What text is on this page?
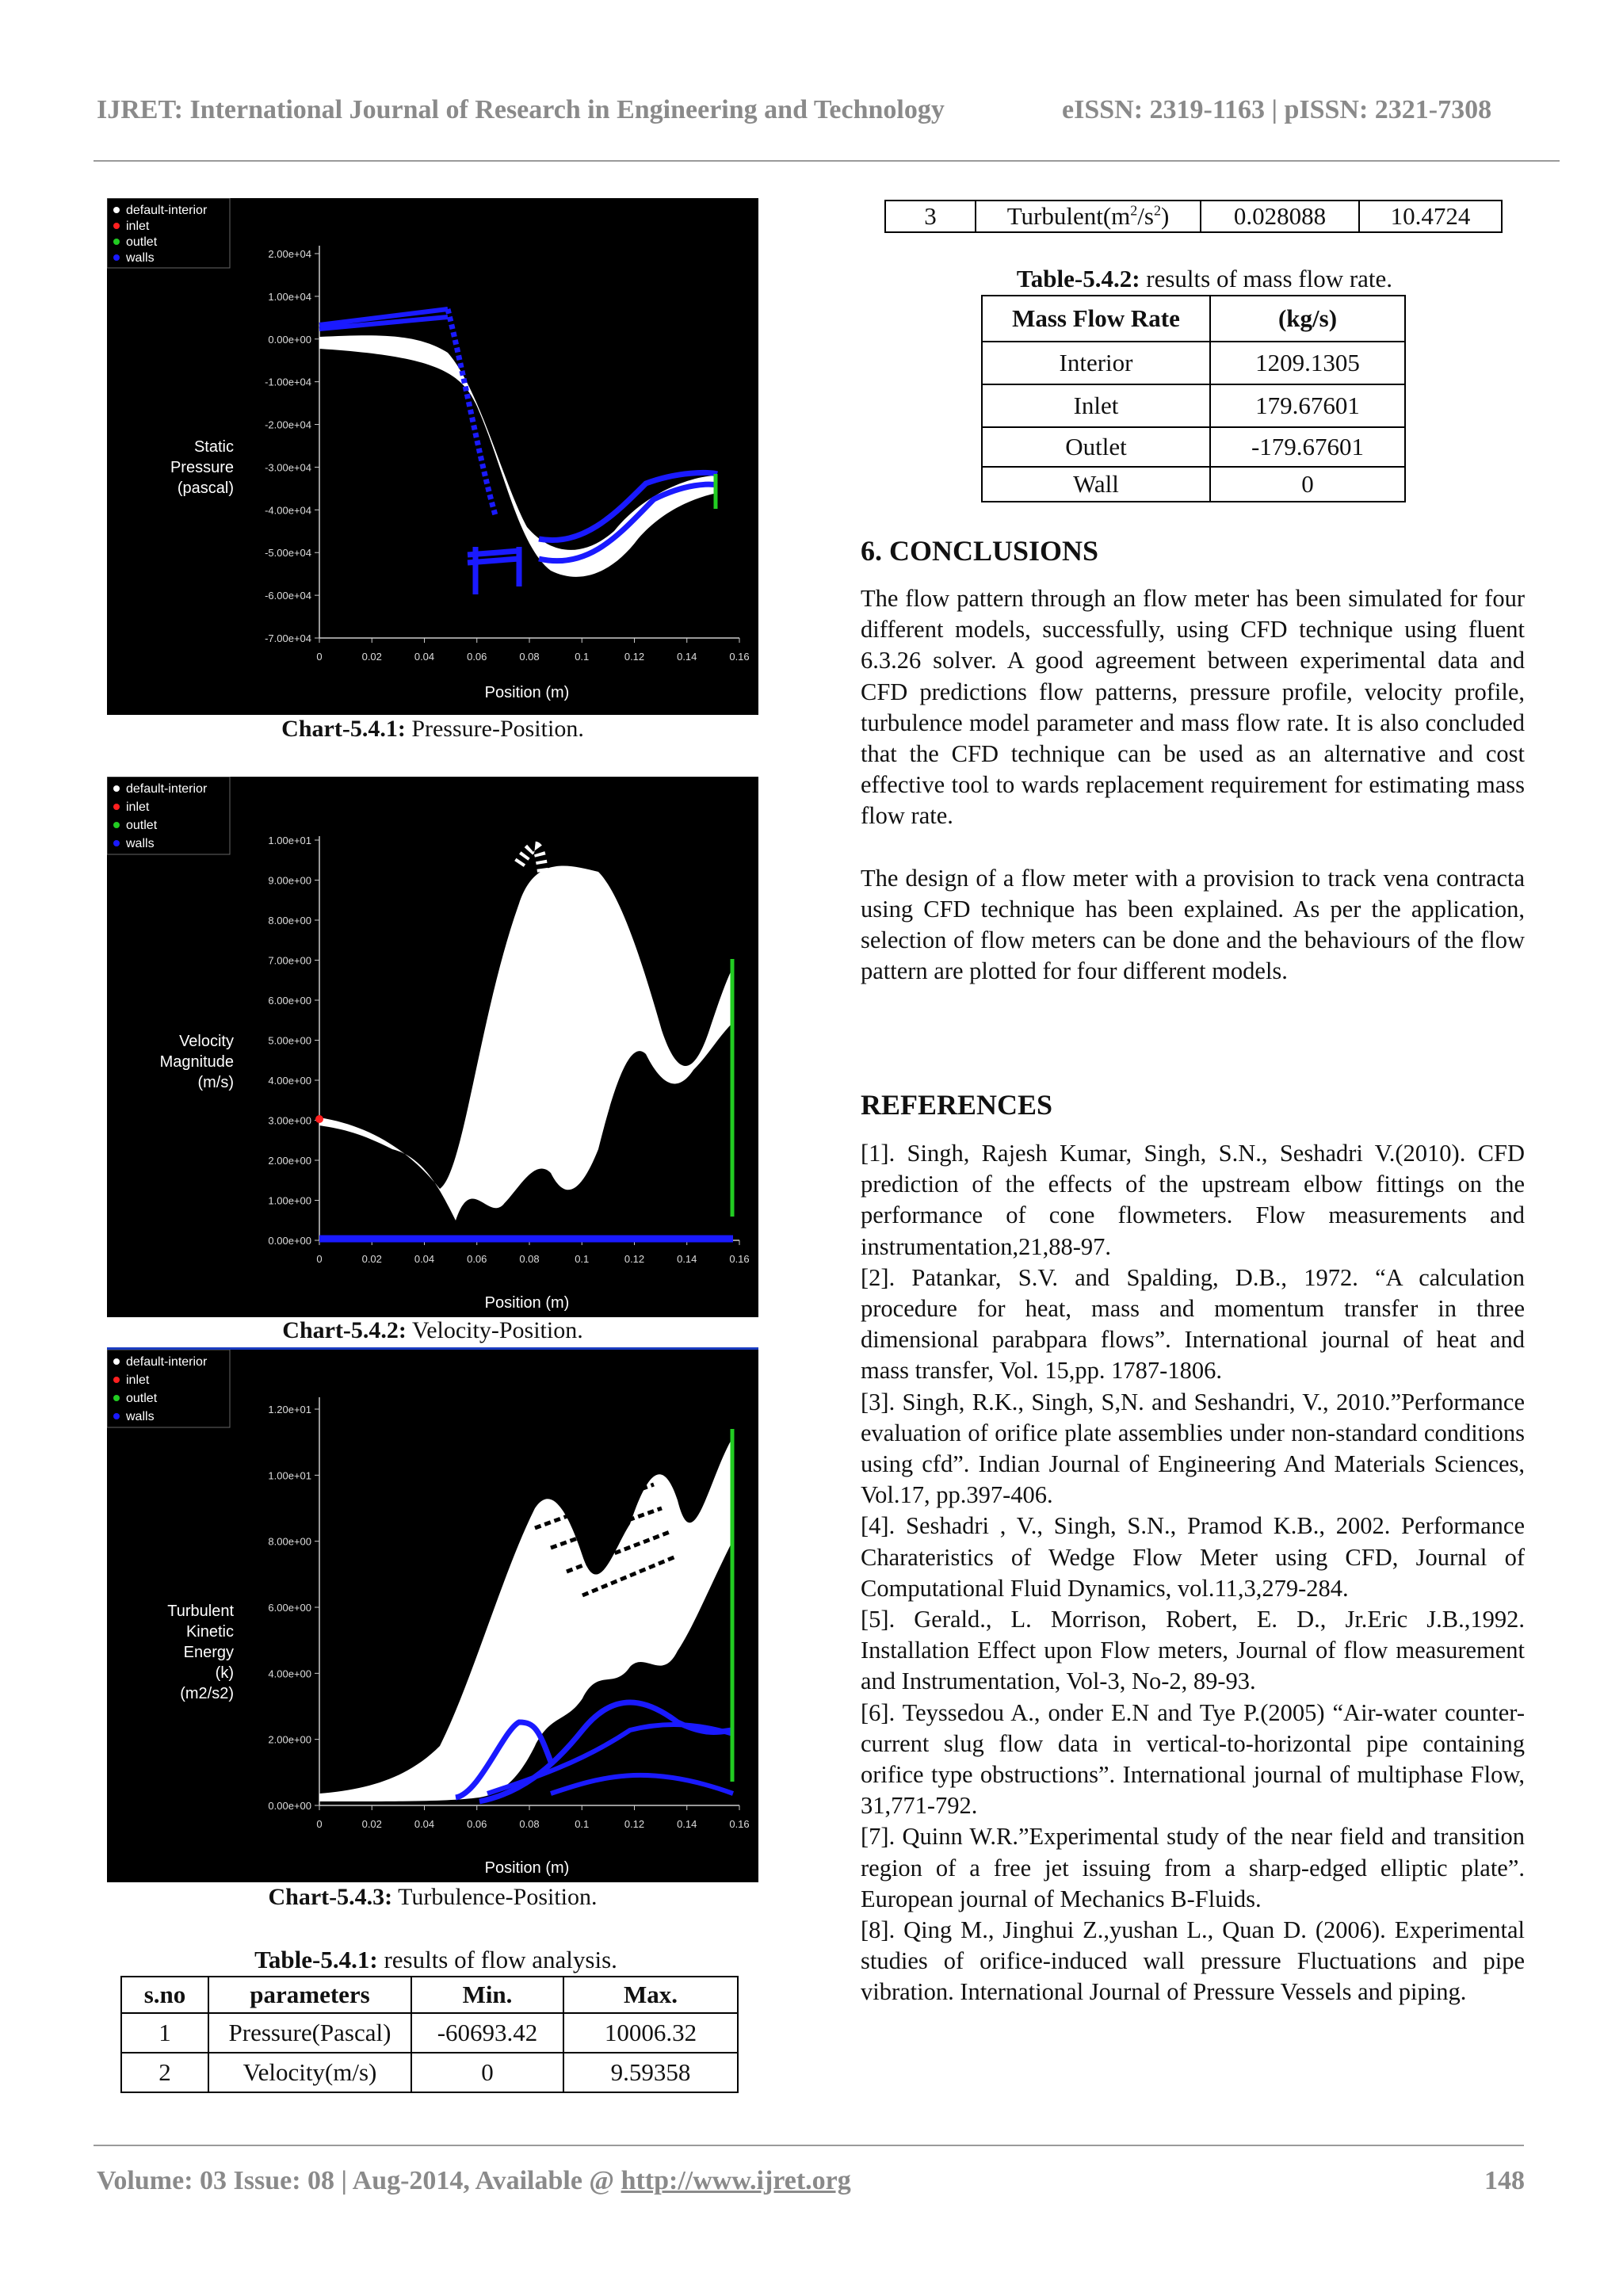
IJRET: International Journal of Research in Engineering and Technology	eISSN: 2319-1163 | pISSN: 2321-7308
default-interior
inlet
outlet
walls
Static
Pressure
(pascal)
Position (m)
2.00e+04
1.00e+04
0.00e+00
-1.00e+04
-2.00e+04
-3.00e+04
-4.00e+04
-5.00e+04
-6.00e+04
-7.00e+04
0	0.02	0.04	0.06	0.08	0.1	0.12	0.14	0.16
Chart-5.4.1: Pressure-Position.
default-interior
inlet
outlet
walls
Velocity
Magnitude
(m/s)
Position (m)
1.00e+01
9.00e+00
8.00e+00
7.00e+00
6.00e+00
5.00e+00
4.00e+00
3.00e+00
2.00e+00
1.00e+00
0.00e+00
0	0.02	0.04	0.06	0.08	0.1	0.12	0.14	0.16
Chart-5.4.2: Velocity-Position.
default-interior
inlet
outlet
walls
Turbulent
Kinetic
Energy
(k)
(m2/s2)
Position (m)
1.20e+01
1.00e+01
8.00e+00
6.00e+00
4.00e+00
2.00e+00
0.00e+00
0	0.02	0.04	0.06	0.08	0.1	0.12	0.14	0.16
Chart-5.4.3: Turbulence-Position.
Table-5.4.1: results of flow analysis.
s.no	parameters	Min.	Max.
1	Pressure(Pascal)	-60693.42	10006.32
2	Velocity(m/s)	0	9.59358
3	$Turbulent(m^2/s^2)$	0.028088	10.4724
Table-5.4.2: results of mass flow rate.
Mass Flow Rate	(kg/s)
Interior	1209.1305
Inlet	179.67601
Outlet	-179.67601
Wall	0
6. CONCLUSIONS

The flow pattern through an flow meter has been simulated for four different models, successfully, using CFD technique using fluent 6.3.26 solver. A good agreement between experimental data and CFD predictions flow patterns, pressure profile, velocity profile, turbulence model parameter and mass flow rate. It is also concluded that the CFD technique can be used as an alternative and cost effective tool to wards replacement requirement for estimating mass flow rate.

The design of a flow meter with a provision to track vena contracta using CFD technique has been explained. As per the application, selection of flow meters can be done and the behaviours of the flow pattern are plotted for four different models.

REFERENCES

[1]. Singh, Rajesh Kumar, Singh, S.N., Seshadri V.(2010). CFD prediction of the effects of the upstream elbow fittings on the performance of cone flowmeters. Flow measurements and instrumentation,21,88-97.

[2]. Patankar, S.V. and Spalding, D.B., 1972. “A calculation procedure for heat, mass and momentum transfer in three dimensional parabpara flows”. International journal of heat and mass transfer, Vol. 15,pp. 1787-1806.

[3]. Singh, R.K., Singh, S,N. and Seshandri, V., 2010.”Performance evaluation of orifice plate assemblies under non-standard conditions using cfd”. Indian Journal of Engineering And Materials Sciences, Vol.17, pp.397-406.

[4]. Seshadri , V., Singh, S.N., Pramod K.B., 2002. Performance Charateristics of Wedge Flow Meter using CFD, Journal of Computational Fluid Dynamics, vol.11,3,279-284.

[5]. Gerald., L. Morrison, Robert, E. D., Jr.Eric J.B.,1992. Installation Effect upon Flow meters, Journal of flow measurement and Instrumentation, Vol-3, No-2, 89-93.

[6]. Teyssedou A., onder E.N and Tye P.(2005) “Air-water counter-current slug flow data in vertical-to-horizontal pipe containing orifice type obstructions”. International journal of multiphase Flow, 31,771-792.

[7]. Quinn W.R.”Experimental study of the near field and transition region of a free jet issuing from a sharp-edged elliptic plate”. European journal of Mechanics B-Fluids.

[8]. Qing M., Jinghui Z.,yushan L., Quan D. (2006). Experimental studies of orifice-induced wall pressure Fluctuations and pipe vibration. International Journal of Pressure Vessels and piping.

Volume: 03 Issue: 08 | Aug-2014, Available @ http://www.ijret.org	148
